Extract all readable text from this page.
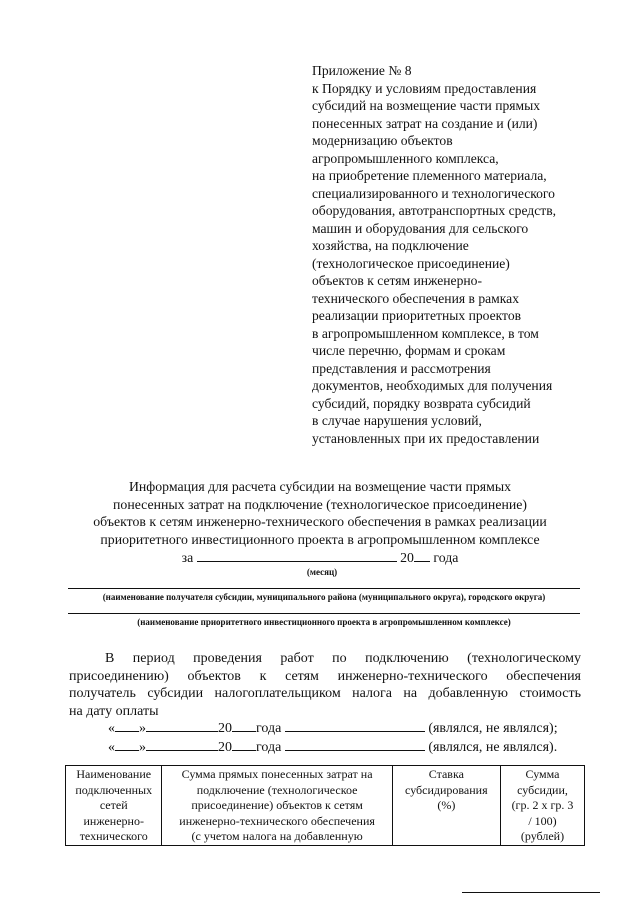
Приложение № 8
к Порядку и условиям предоставления
субсидий на возмещение части прямых
понесенных затрат на создание и (или)
модернизацию объектов
агропромышленного комплекса,
на приобретение племенного материала,
специализированного и технологического
оборудования, автотранспортных средств,
машин и оборудования для сельского
хозяйства, на подключение
(технологическое присоединение)
объектов к сетям инженерно-
технического обеспечения в рамках
реализации приоритетных проектов
в агропромышленном комплексе, в том
числе перечню, формам и срокам
представления и рассмотрения
документов, необходимых для получения
субсидий, порядку возврата субсидий
в случае нарушения условий,
установленных при их предоставлении
Информация для расчета субсидии на возмещение части прямых
понесенных затрат на подключение (технологическое присоединение)
объектов к сетям инженерно-технического обеспечения в рамках реализации
приоритетного инвестиционного проекта в агропромышленном комплексе
за	20 года
(месяц)
(наименование получателя субсидии, муниципального района (муниципального округа), городского округа)
(наименование приоритетного инвестиционного проекта в агропромышленном комплексе)
В период проведения работ по подключению (технологическому
присоединению) объектов к сетям инженерно-технического обеспечения
получатель субсидии налогоплательщиком налога на добавленную стоимость
на дату оплаты
« »	20 года	(являлся, не являлся);
« »	20 года	(являлся, не являлся).
Наименование
подключенных
сетей
инженерно-
технического

Сумма прямых понесенных затрат на
подключение (технологическое
присоединение) объектов к сетям
инженерно-технического обеспечения
(с учетом налога на добавленную

Ставка
субсидирования
(%)

Сумма
субсидии,
(гр. 2 х гр. 3
/ 100)
(рублей)
